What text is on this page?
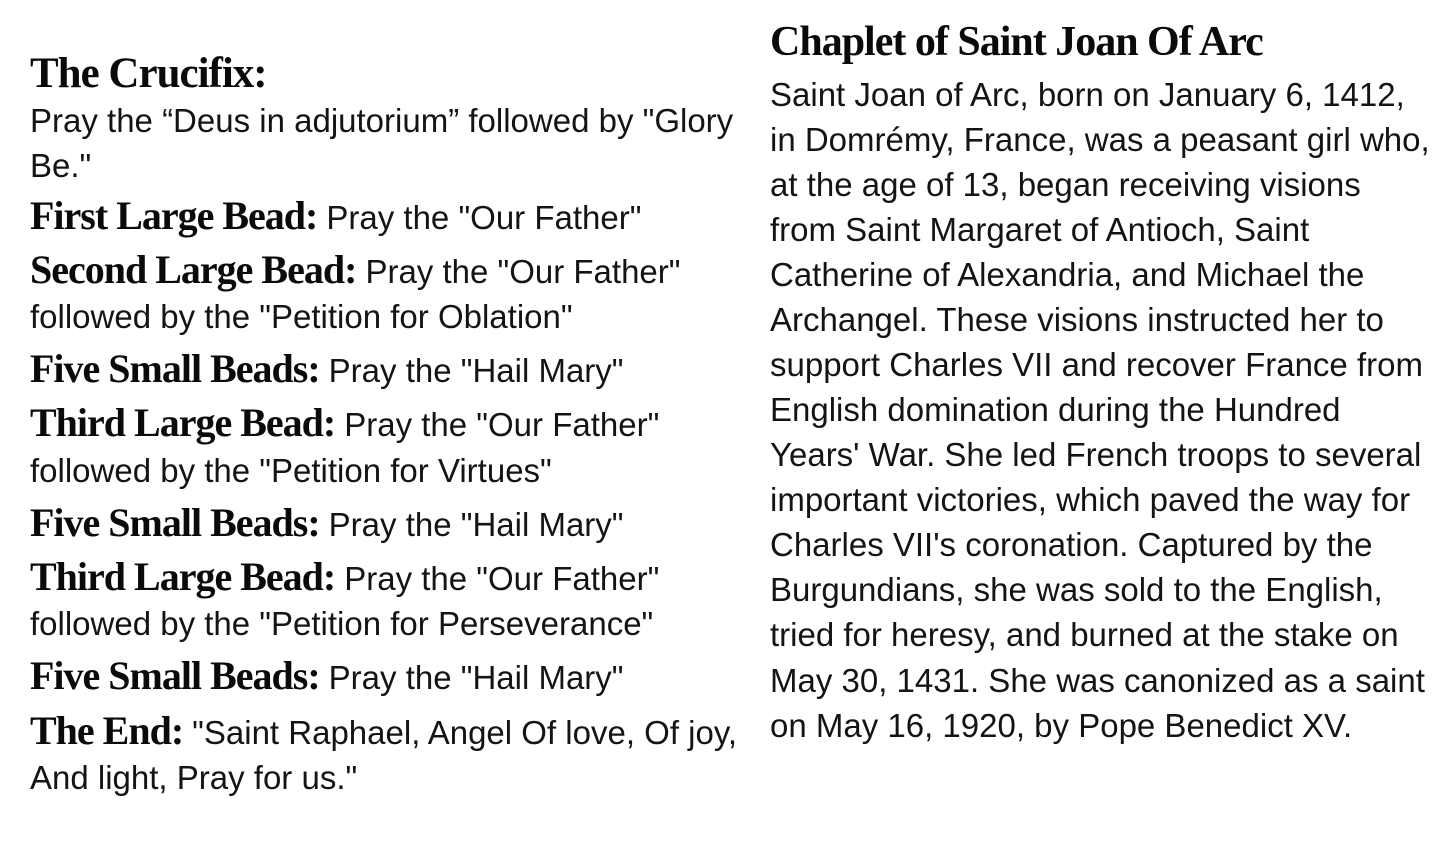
The Crucifix:

Pray the “Deus in adjutorium” followed by "Glory Be."

First Large Bead: Pray the "Our Father"

Second Large Bead: Pray the "Our Father" followed by the "Petition for Oblation"

Five Small Beads: Pray the "Hail Mary"

Third Large Bead: Pray the "Our Father" followed by the "Petition for Virtues"

Five Small Beads: Pray the "Hail Mary"

Third Large Bead: Pray the "Our Father" followed by the "Petition for Perseverance"

Five Small Beads: Pray the "Hail Mary"

The End: "Saint Raphael, Angel Of love, Of joy, And light, Pray for us."

Chaplet of Saint Joan Of Arc

Saint Joan of Arc, born on January 6, 1412, in Domrémy, France, was a peasant girl who, at the age of 13, began receiving visions from Saint Margaret of Antioch, Saint Catherine of Alexandria, and Michael the Archangel. These visions instructed her to support Charles VII and recover France from English domination during the Hundred Years' War. She led French troops to several important victories, which paved the way for Charles VII's coronation. Captured by the Burgundians, she was sold to the English, tried for heresy, and burned at the stake on May 30, 1431. She was canonized as a saint on May 16, 1920, by Pope Benedict XV.
